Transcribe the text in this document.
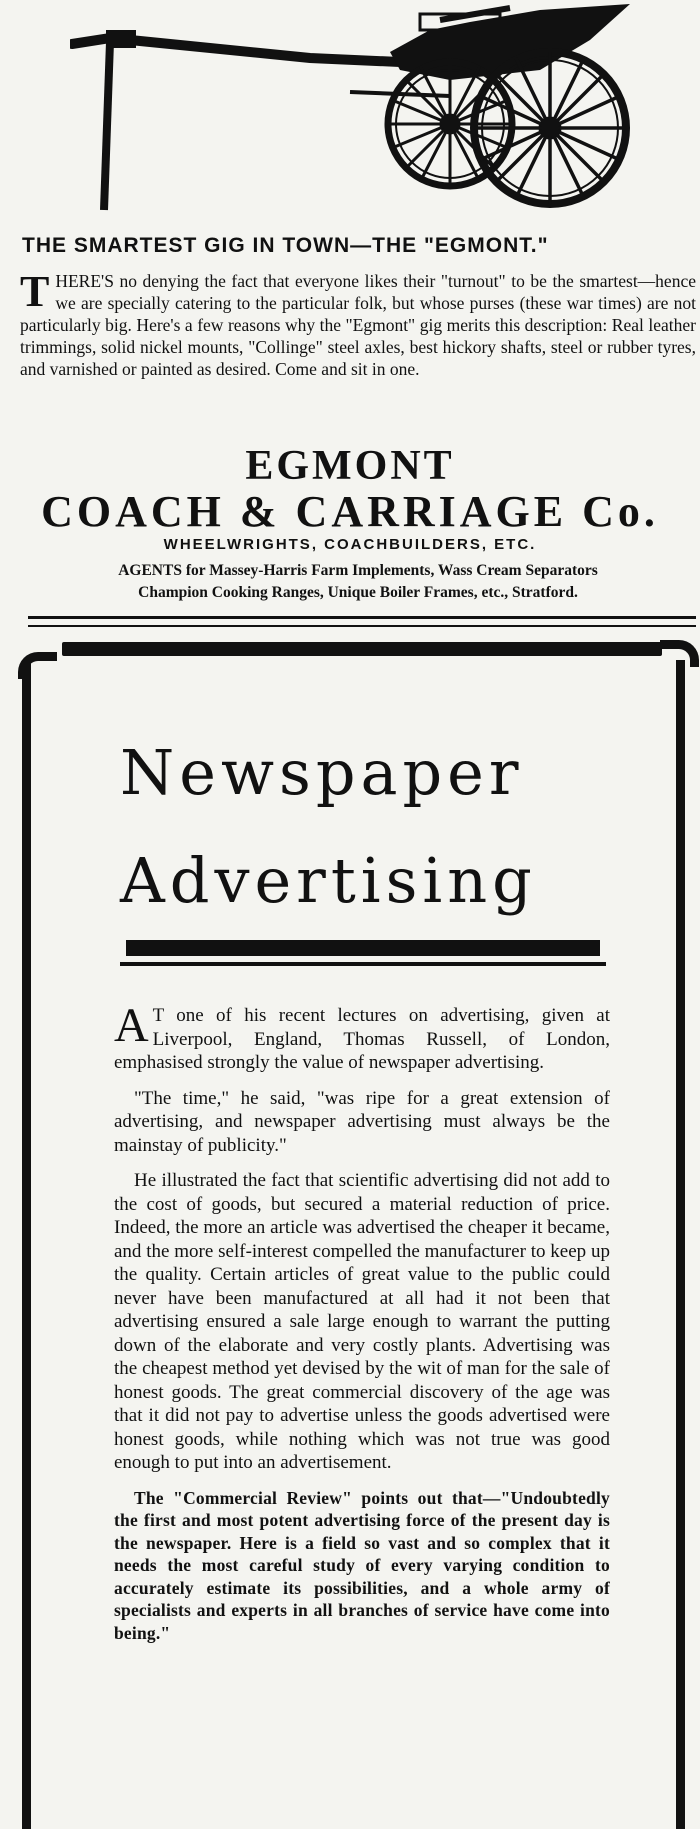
THE SMARTEST GIG IN TOWN—THE "EGMONT."
THERE'S no denying the fact that everyone likes their "turnout" to be the smartest—hence we are specially catering to the particular folk, but whose purses (these war times) are not particularly big. Here's a few reasons why the "Egmont" gig merits this description: Real leather trimmings, solid nickel mounts, "Collinge" steel axles, best hickory shafts, steel or rubber tyres, and varnished or painted as desired. Come and sit in one.
EGMONT
COACH & CARRIAGE Co.
WHEELWRIGHTS, COACHBUILDERS, ETC.
AGENTS for Massey-Harris Farm Implements, Wass Cream Separators
Champion Cooking Ranges, Unique Boiler Frames, etc., Stratford.
Newspaper
Advertising

A T one of his recent lectures on advertising, given at Liverpool, England, Thomas Russell, of London, emphasised strongly the value of newspaper advertising.

"The time," he said, "was ripe for a great extension of advertising, and newspaper advertising must always be the mainstay of publicity."

He illustrated the fact that scientific advertising did not add to the cost of goods, but secured a material reduction of price. Indeed, the more an article was advertised the cheaper it became, and the more self-interest compelled the manufacturer to keep up the quality. Certain articles of great value to the public could never have been manufactured at all had it not been that advertising ensured a sale large enough to warrant the putting down of the elaborate and very costly plants. Advertising was the cheapest method yet devised by the wit of man for the sale of honest goods. The great commercial discovery of the age was that it did not pay to advertise unless the goods advertised were honest goods, while nothing which was not true was good enough to put into an advertisement.

The "Commercial Review" points out that—"Undoubtedly the first and most potent advertising force of the present day is the newspaper. Here is a field so vast and so complex that it needs the most careful study of every varying condition to accurately estimate its possibilities, and a whole army of specialists and experts in all branches of service have come into being."
